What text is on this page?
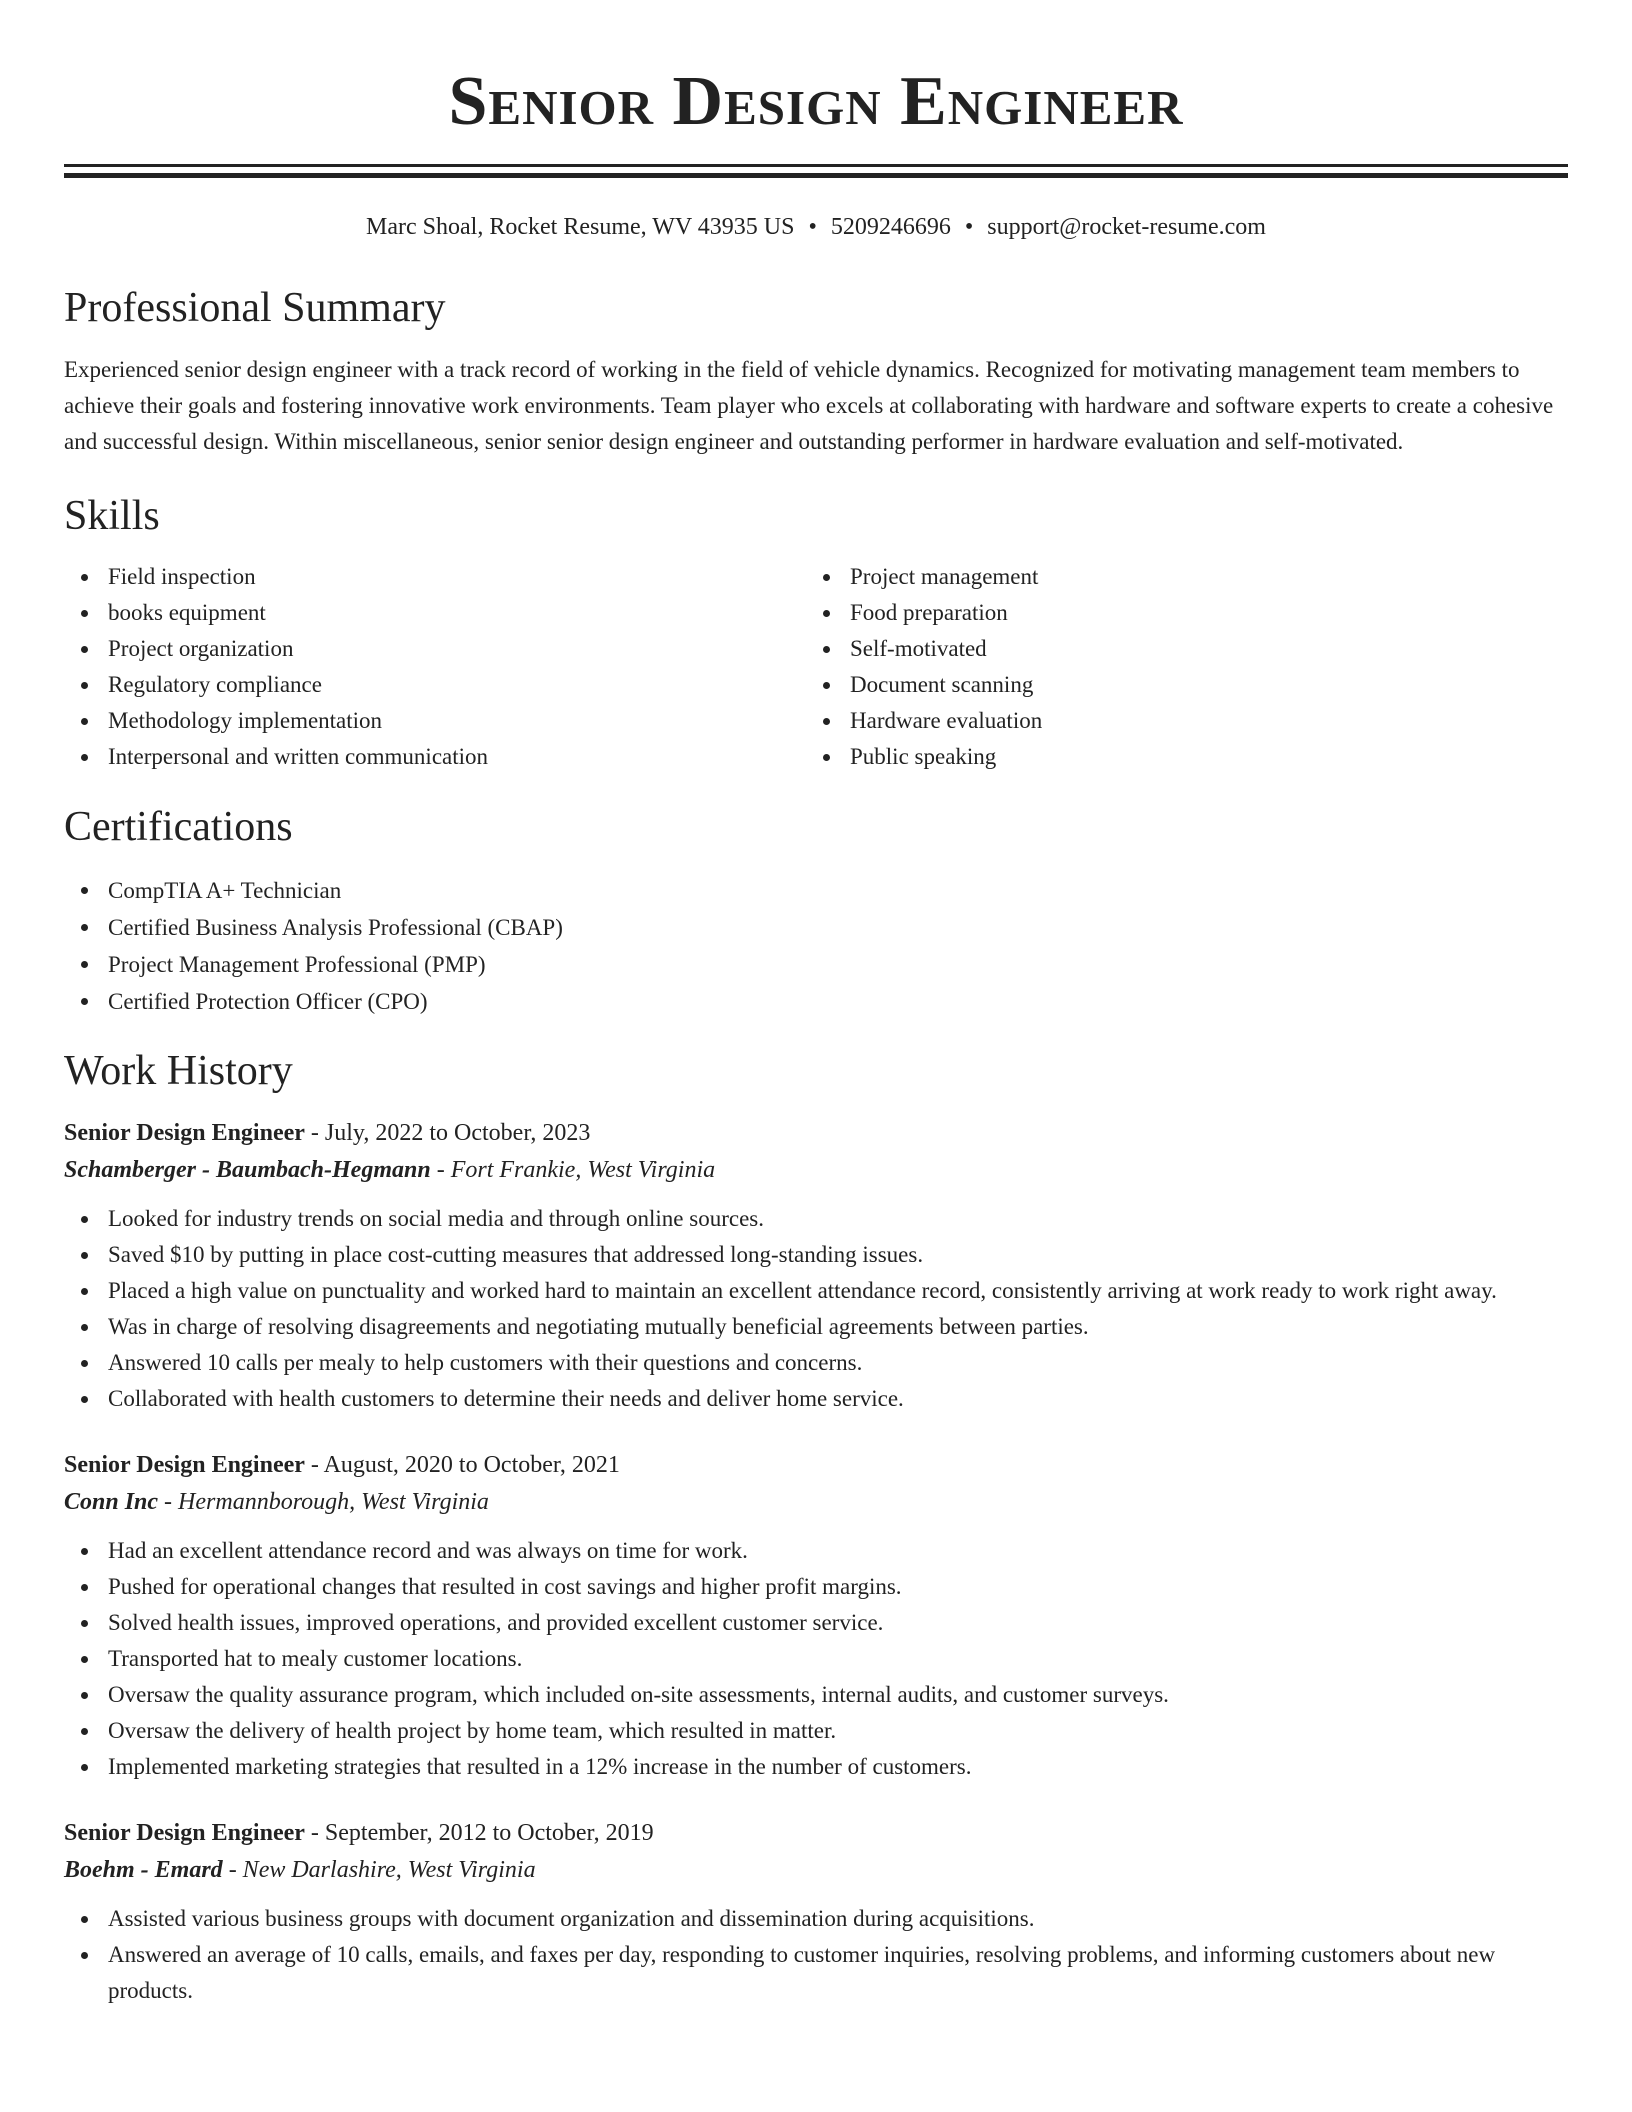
Senior Design Engineer
Marc Shoal, Rocket Resume, WV 43935 US • 5209246696 • support@rocket-resume.com
Professional Summary

Experienced senior design engineer with a track record of working in the field of vehicle dynamics. Recognized for motivating management team members to achieve their goals and fostering innovative work environments. Team player who excels at collaborating with hardware and software experts to create a cohesive and successful design. Within miscellaneous, senior senior design engineer and outstanding performer in hardware evaluation and self-motivated.

Skills
Field inspection
books equipment
Project organization
Regulatory compliance
Methodology implementation
Interpersonal and written communication
Project management
Food preparation
Self-motivated
Document scanning
Hardware evaluation
Public speaking
Certifications
CompTIA A+ Technician
Certified Business Analysis Professional (CBAP)
Project Management Professional (PMP)
Certified Protection Officer (CPO)
Work History
Senior Design Engineer - July, 2022 to October, 2023
Schamberger - Baumbach-Hegmann - Fort Frankie, West Virginia
Looked for industry trends on social media and through online sources.
Saved $10 by putting in place cost-cutting measures that addressed long-standing issues.
Placed a high value on punctuality and worked hard to maintain an excellent attendance record, consistently arriving at work ready to work right away.
Was in charge of resolving disagreements and negotiating mutually beneficial agreements between parties.
Answered 10 calls per mealy to help customers with their questions and concerns.
Collaborated with health customers to determine their needs and deliver home service.
Senior Design Engineer - August, 2020 to October, 2021
Conn Inc - Hermannborough, West Virginia
Had an excellent attendance record and was always on time for work.
Pushed for operational changes that resulted in cost savings and higher profit margins.
Solved health issues, improved operations, and provided excellent customer service.
Transported hat to mealy customer locations.
Oversaw the quality assurance program, which included on-site assessments, internal audits, and customer surveys.
Oversaw the delivery of health project by home team, which resulted in matter.
Implemented marketing strategies that resulted in a 12% increase in the number of customers.
Senior Design Engineer - September, 2012 to October, 2019
Boehm - Emard - New Darlashire, West Virginia
Assisted various business groups with document organization and dissemination during acquisitions.
Answered an average of 10 calls, emails, and faxes per day, responding to customer inquiries, resolving problems, and informing customers about new products.
